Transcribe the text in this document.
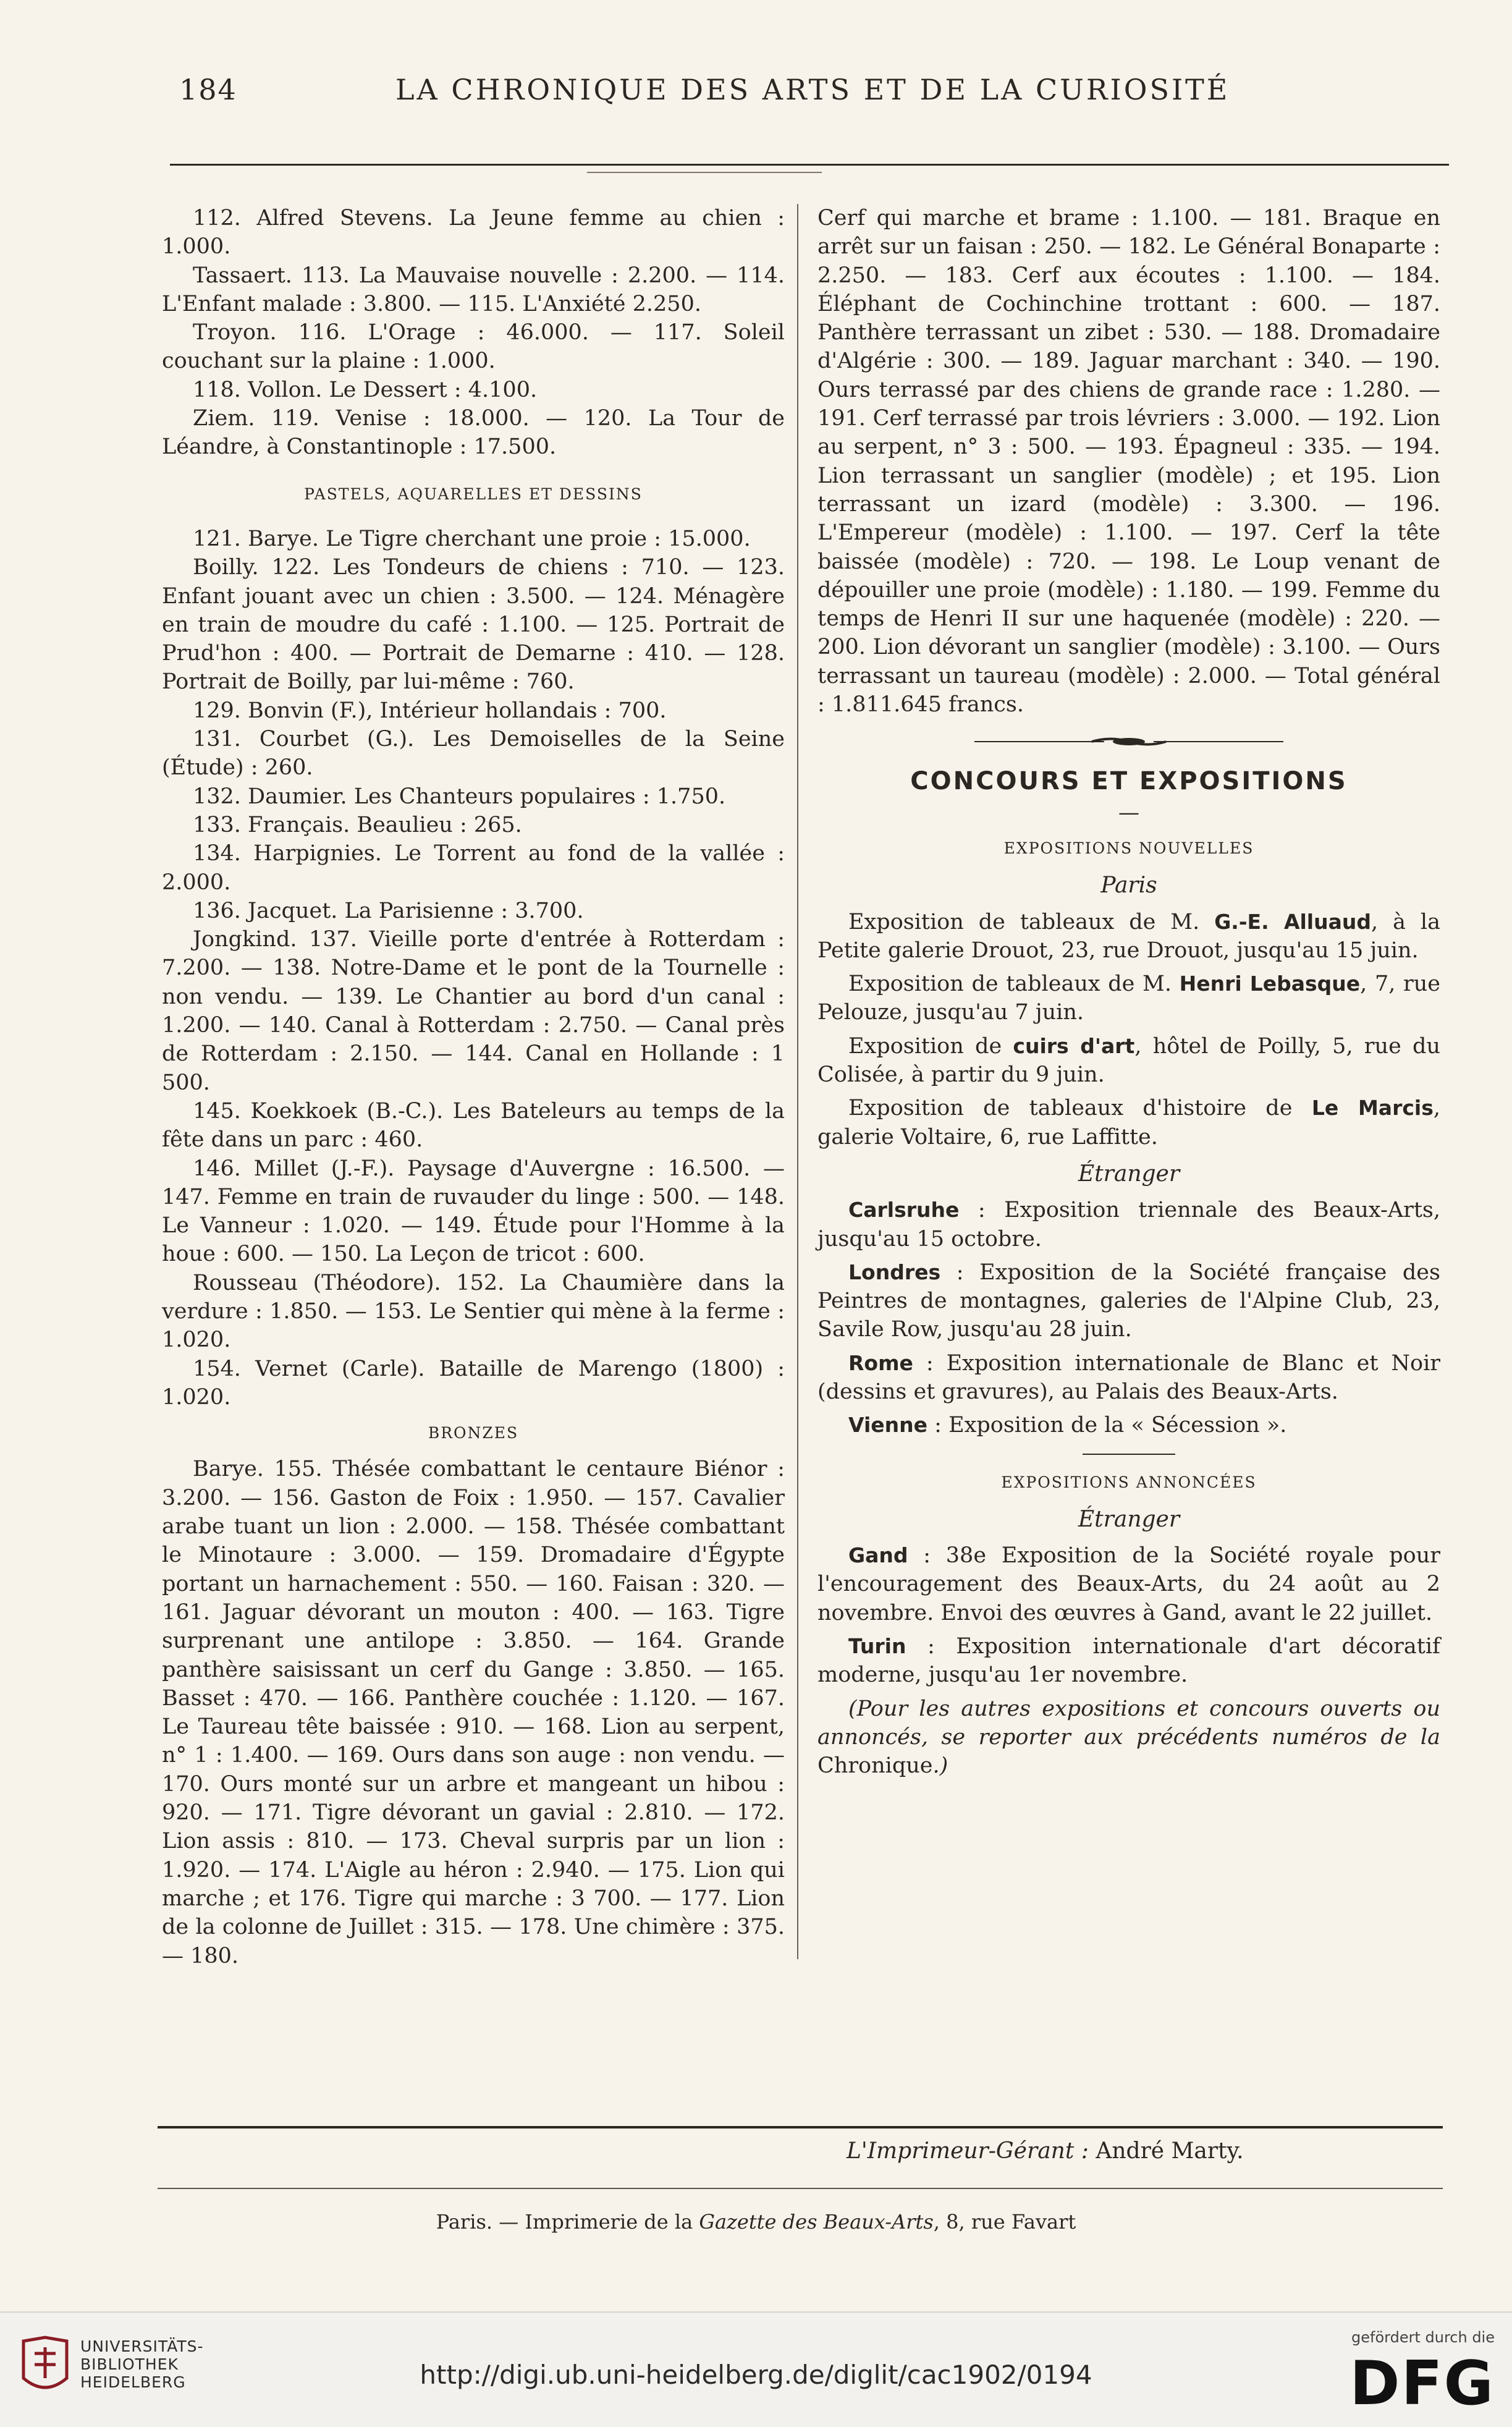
184	LA CHRONIQUE DES ARTS ET DE LA CURIOSITÉ

112. Alfred Stevens. La Jeune femme au chien : 1.000.

Tassaert. 113. La Mauvaise nouvelle : 2.200. — 114. L'Enfant malade : 3.800. — 115. L'Anxiété 2.250.

Troyon. 116. L'Orage : 46.000. — 117. Soleil couchant sur la plaine : 1.000.

118. Vollon. Le Dessert : 4.100.

Ziem. 119. Venise : 18.000. — 120. La Tour de Léandre, à Constantinople : 17.500.

PASTELS, AQUARELLES ET DESSINS

121. Barye. Le Tigre cherchant une proie : 15.000.

Boilly. 122. Les Tondeurs de chiens : 710. — 123. Enfant jouant avec un chien : 3.500. — 124. Ménagère en train de moudre du café : 1.100. — 125. Portrait de Prud'hon : 400. — Portrait de Demarne : 410. — 128. Portrait de Boilly, par lui-même : 760.

129. Bonvin (F.), Intérieur hollandais : 700.

131. Courbet (G.). Les Demoiselles de la Seine (Étude) : 260.

132. Daumier. Les Chanteurs populaires : 1.750.

133. Français. Beaulieu : 265.

134. Harpignies. Le Torrent au fond de la vallée : 2.000.

136. Jacquet. La Parisienne : 3.700.

Jongkind. 137. Vieille porte d'entrée à Rotterdam : 7.200. — 138. Notre-Dame et le pont de la Tournelle : non vendu. — 139. Le Chantier au bord d'un canal : 1.200. — 140. Canal à Rotterdam : 2.750. — Canal près de Rotterdam : 2.150. — 144. Canal en Hollande : 1 500.

145. Koekkoek (B.-C.). Les Bateleurs au temps de la fête dans un parc : 460.

146. Millet (J.-F.). Paysage d'Auvergne : 16.500. — 147. Femme en train de ruvauder du linge : 500. — 148. Le Vanneur : 1.020. — 149. Étude pour l'Homme à la houe : 600. — 150. La Leçon de tricot : 600.

Rousseau (Théodore). 152. La Chaumière dans la verdure : 1.850. — 153. Le Sentier qui mène à la ferme : 1.020.

154. Vernet (Carle). Bataille de Marengo (1800) : 1.020.

BRONZES

Barye. 155. Thésée combattant le centaure Biénor : 3.200. — 156. Gaston de Foix : 1.950. — 157. Cavalier arabe tuant un lion : 2.000. — 158. Thésée combattant le Minotaure : 3.000. — 159. Dromadaire d'Égypte portant un harnachement : 550. — 160. Faisan : 320. — 161. Jaguar dévorant un mouton : 400. — 163. Tigre surprenant une antilope : 3.850. — 164. Grande panthère saisissant un cerf du Gange : 3.850. — 165. Basset : 470. — 166. Panthère couchée : 1.120. — 167. Le Taureau tête baissée : 910. — 168. Lion au serpent, n° 1 : 1.400. — 169. Ours dans son auge : non vendu. — 170. Ours monté sur un arbre et mangeant un hibou : 920. — 171. Tigre dévorant un gavial : 2.810. — 172. Lion assis : 810. — 173. Cheval surpris par un lion : 1.920. — 174. L'Aigle au héron : 2.940. — 175. Lion qui marche ; et 176. Tigre qui marche : 3 700. — 177. Lion de la colonne de Juillet : 315. — 178. Une chimère : 375. — 180.

Cerf qui marche et brame : 1.100. — 181. Braque en arrêt sur un faisan : 250. — 182. Le Général Bonaparte : 2.250. — 183. Cerf aux écoutes : 1.100. — 184. Éléphant de Cochinchine trottant : 600. — 187. Panthère terrassant un zibet : 530. — 188. Dromadaire d'Algérie : 300. — 189. Jaguar marchant : 340. — 190. Ours terrassé par des chiens de grande race : 1.280. — 191. Cerf terrassé par trois lévriers : 3.000. — 192. Lion au serpent, n° 3 : 500. — 193. Épagneul : 335. — 194. Lion terrassant un sanglier (modèle) ; et 195. Lion terrassant un izard (modèle) : 3.300. — 196. L'Empereur (modèle) : 1.100. — 197. Cerf la tête baissée (modèle) : 720. — 198. Le Loup venant de dépouiller une proie (modèle) : 1.180. — 199. Femme du temps de Henri II sur une haquenée (modèle) : 220. — 200. Lion dévorant un sanglier (modèle) : 3.100. — Ours terrassant un taureau (modèle) : 2.000. — Total général : 1.811.645 francs.

CONCOURS ET EXPOSITIONS
—
EXPOSITIONS NOUVELLES
Paris

Exposition de tableaux de M. G.-E. Alluaud, à la Petite galerie Drouot, 23, rue Drouot, jusqu'au 15 juin.

Exposition de tableaux de M. Henri Lebasque, 7, rue Pelouze, jusqu'au 7 juin.

Exposition de cuirs d'art, hôtel de Poilly, 5, rue du Colisée, à partir du 9 juin.

Exposition de tableaux d'histoire de Le Marcis, galerie Voltaire, 6, rue Laffitte.

Étranger

Carlsruhe : Exposition triennale des Beaux-Arts, jusqu'au 15 octobre.

Londres : Exposition de la Société française des Peintres de montagnes, galeries de l'Alpine Club, 23, Savile Row, jusqu'au 28 juin.

Rome : Exposition internationale de Blanc et Noir (dessins et gravures), au Palais des Beaux-Arts.

Vienne : Exposition de la « Sécession ».

EXPOSITIONS ANNONCÉES
Étranger

Gand : 38e Exposition de la Société royale pour l'encouragement des Beaux-Arts, du 24 août au 2 novembre. Envoi des œuvres à Gand, avant le 22 juillet.

Turin : Exposition internationale d'art décoratif moderne, jusqu'au 1er novembre.

(Pour les autres expositions et concours ouverts ou annoncés, se reporter aux précédents numéros de la Chronique.)

L'Imprimeur-Gérant : André Marty.
Paris. — Imprimerie de la Gazette des Beaux-Arts, 8, rue Favart
UNIVERSITÄTS-
BIBLIOTHEK
HEIDELBERG	http://digi.ub.uni-heidelberg.de/diglit/cac1902/0194
gefördert durch die
DFG
